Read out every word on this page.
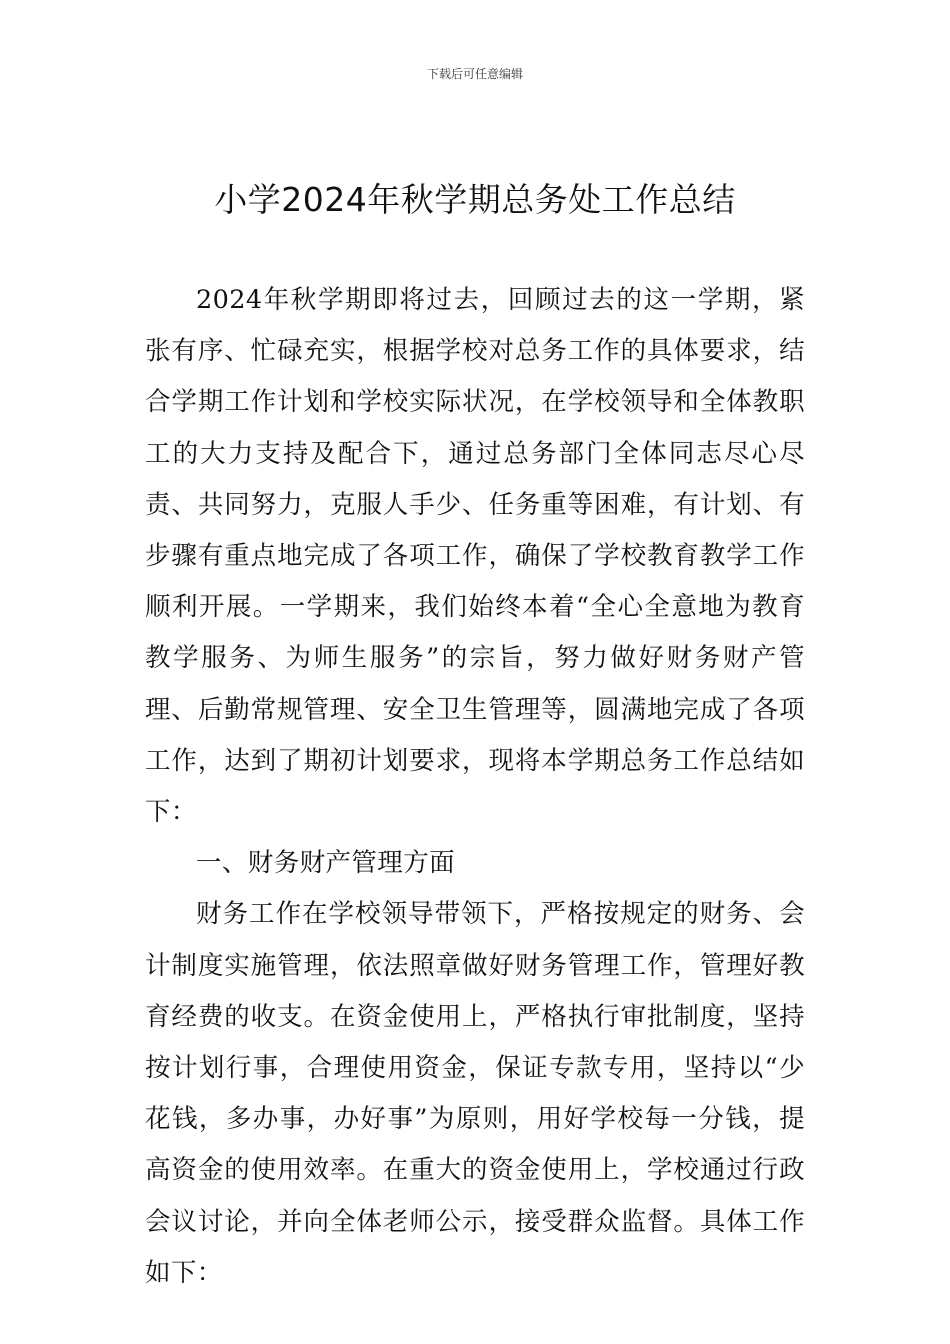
下载后可任意编辑
小学2024年秋学期总务处工作总结

2024年秋学期即将过去，回顾过去的这一学期，紧张有序、忙碌充实，根据学校对总务工作的具体要求，结合学期工作计划和学校实际状况，在学校领导和全体教职工的大力支持及配合下，通过总务部门全体同志尽心尽责、共同努力，克服人手少、任务重等困难，有计划、有步骤有重点地完成了各项工作，确保了学校教育教学工作顺利开展。一学期来，我们始终本着“全心全意地为教育教学服务、为师生服务”的宗旨，努力做好财务财产管理、后勤常规管理、安全卫生管理等，圆满地完成了各项工作，达到了期初计划要求，现将本学期总务工作总结如下：

一、财务财产管理方面

财务工作在学校领导带领下，严格按规定的财务、会计制度实施管理，依法照章做好财务管理工作，管理好教育经费的收支。在资金使用上，严格执行审批制度，坚持按计划行事，合理使用资金，保证专款专用，坚持以“少花钱，多办事，办好事”为原则，用好学校每一分钱，提高资金的使用效率。在重大的资金使用上，学校通过行政会议讨论，并向全体老师公示，接受群众监督。具体工作如下：
